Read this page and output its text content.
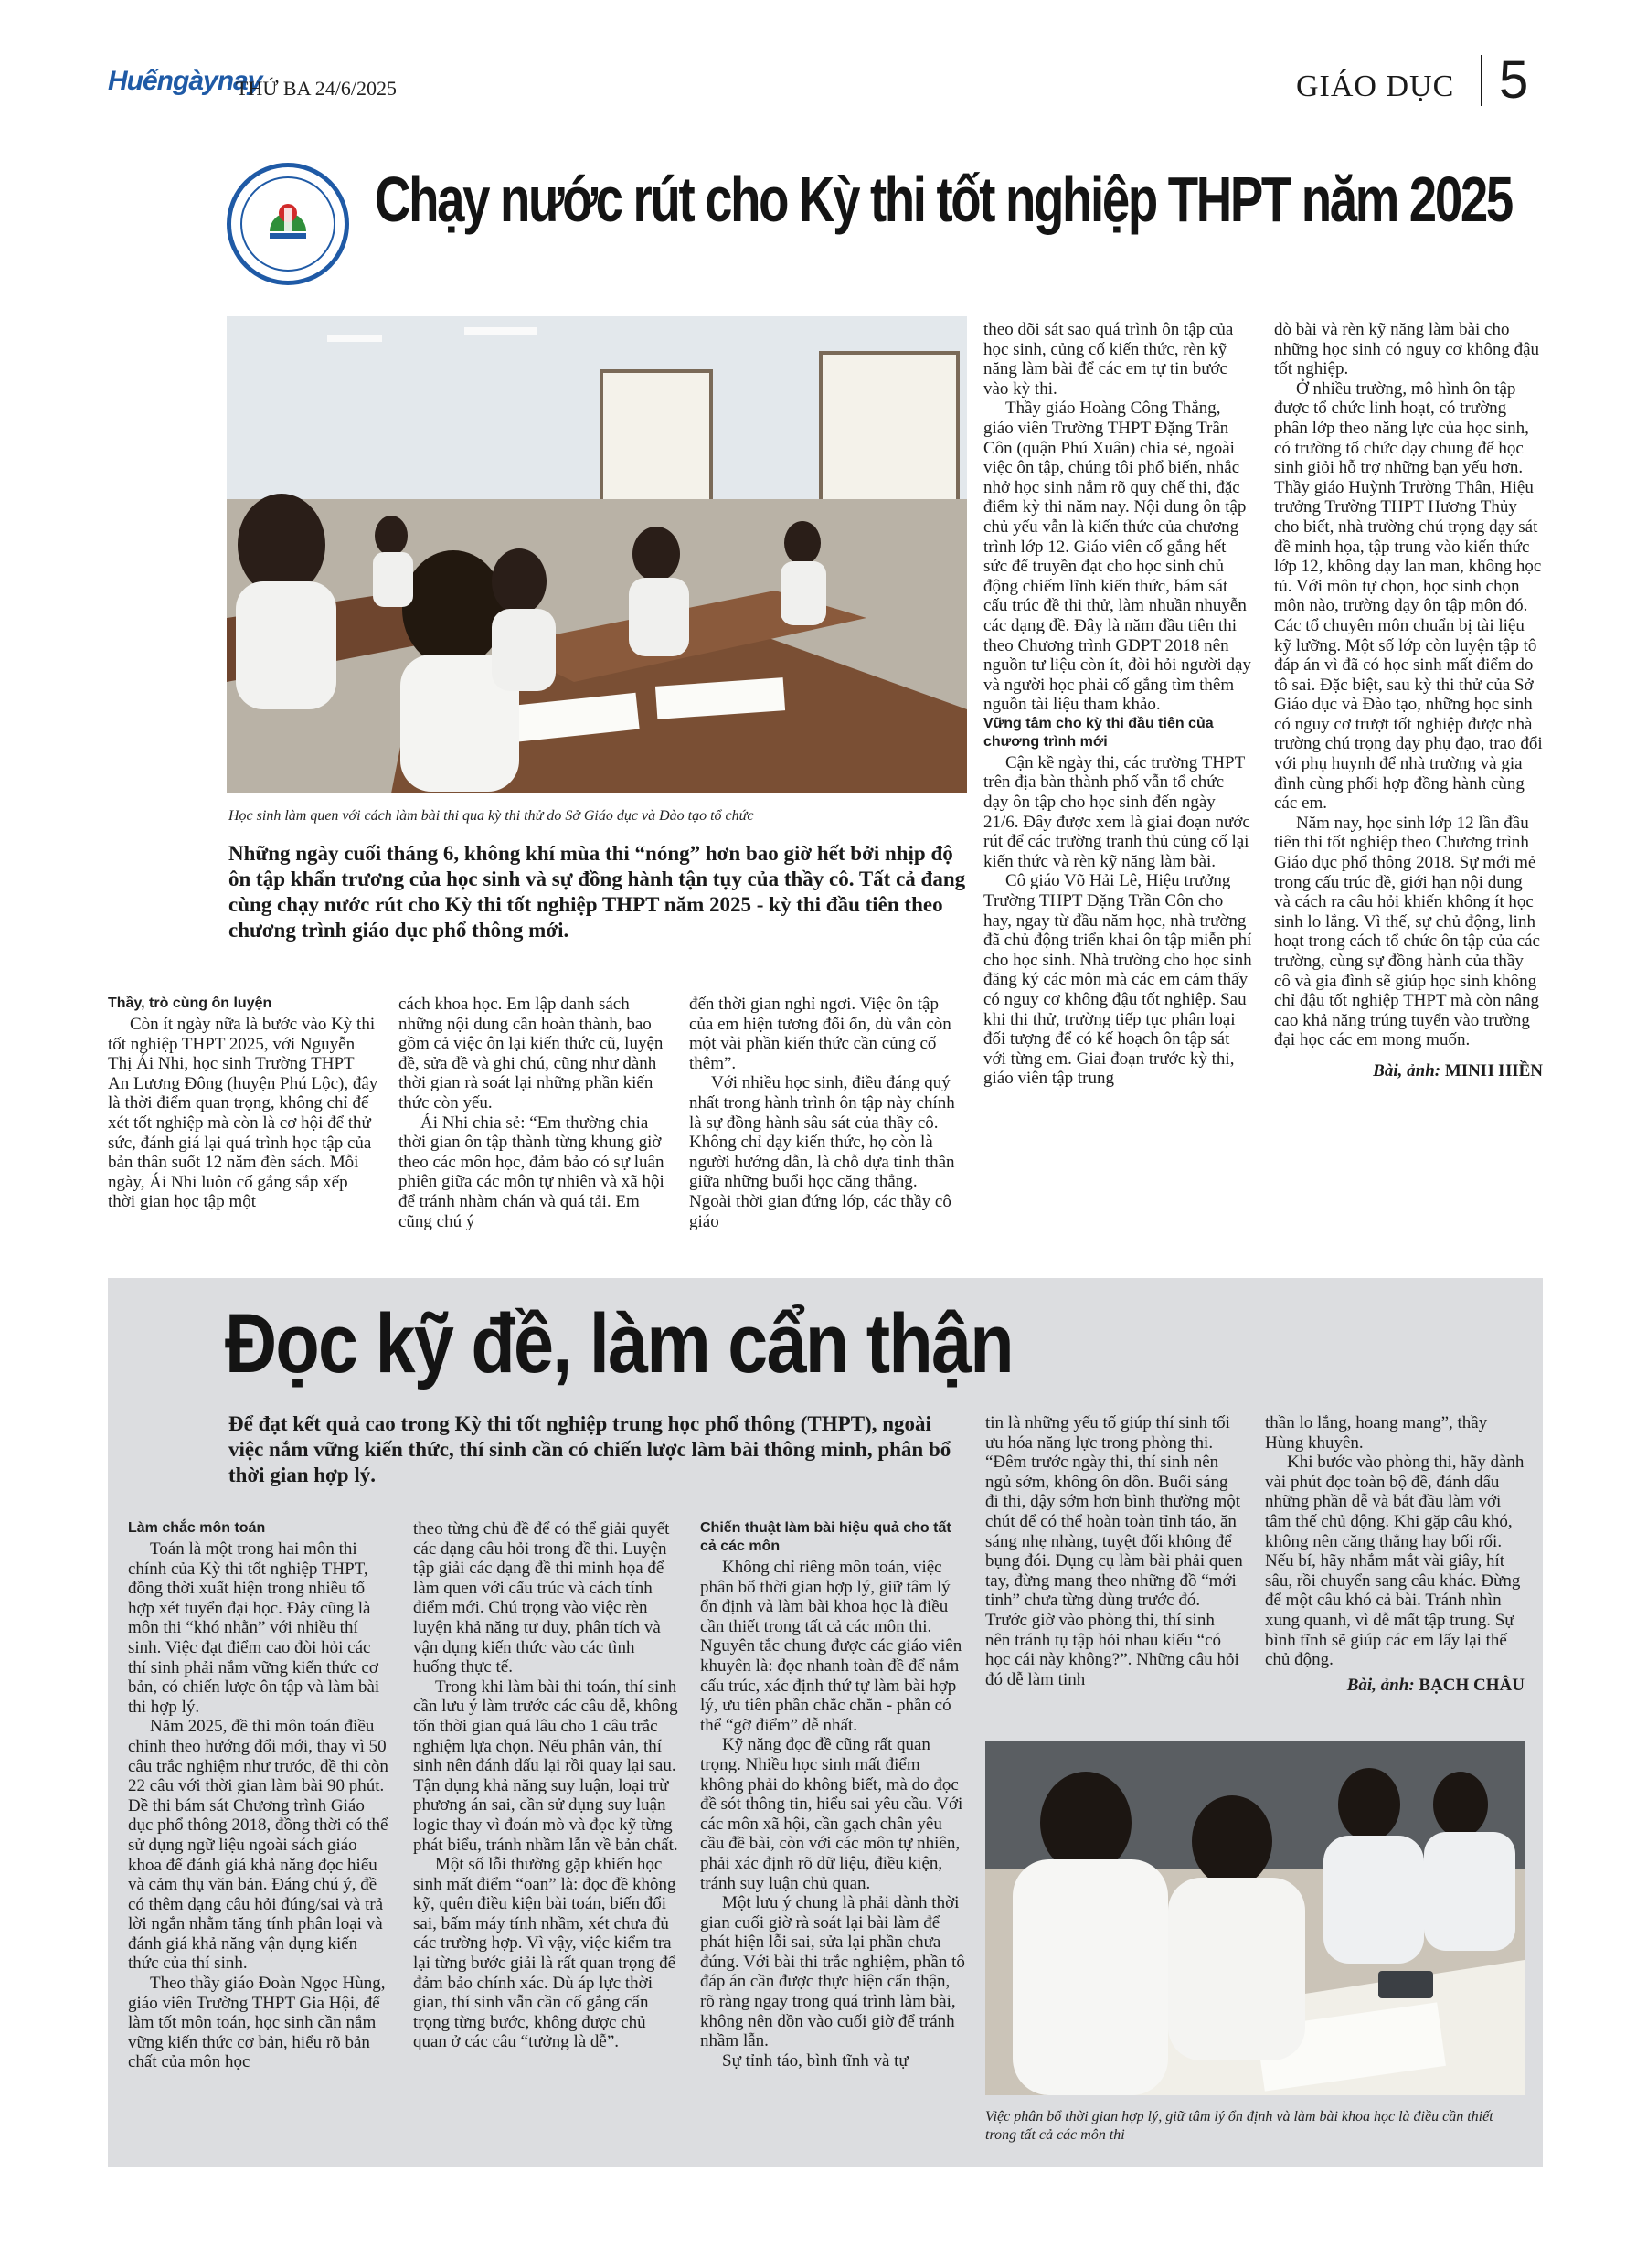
Huếngàynay
THỨ BA 24/6/2025	GIÁO DỤC 5
Chạy nước rút cho Kỳ thi tốt nghiệp THPT năm 2025
Học sinh làm quen với cách làm bài thi qua kỳ thi thử do Sở Giáo dục và Đào tạo tổ chức
Những ngày cuối tháng 6, không khí mùa thi “nóng” hơn bao giờ hết bởi nhịp độ ôn tập khẩn trương của học sinh và sự đồng hành tận tụy của thầy cô. Tất cả đang cùng chạy nước rút cho Kỳ thi tốt nghiệp THPT năm 2025 - kỳ thi đầu tiên theo chương trình giáo dục phổ thông mới.
Thầy, trò cùng ôn luyện

Còn ít ngày nữa là bước vào Kỳ thi tốt nghiệp THPT 2025, với Nguyễn Thị Ái Nhi, học sinh Trường THPT An Lương Đông (huyện Phú Lộc), đây là thời điểm quan trọng, không chỉ để xét tốt nghiệp mà còn là cơ hội để thử sức, đánh giá lại quá trình học tập của bản thân suốt 12 năm đèn sách. Mỗi ngày, Ái Nhi luôn cố gắng sắp xếp thời gian học tập một

cách khoa học. Em lập danh sách những nội dung cần hoàn thành, bao gồm cả việc ôn lại kiến thức cũ, luyện đề, sửa đề và ghi chú, cũng như dành thời gian rà soát lại những phần kiến thức còn yếu.

Ái Nhi chia sẻ: “Em thường chia thời gian ôn tập thành từng khung giờ theo các môn học, đảm bảo có sự luân phiên giữa các môn tự nhiên và xã hội để tránh nhàm chán và quá tải. Em cũng chú ý

đến thời gian nghỉ ngơi. Việc ôn tập của em hiện tương đối ổn, dù vẫn còn một vài phần kiến thức cần củng cố thêm”.

Với nhiều học sinh, điều đáng quý nhất trong hành trình ôn tập này chính là sự đồng hành sâu sát của thầy cô. Không chỉ dạy kiến thức, họ còn là người hướng dẫn, là chỗ dựa tinh thần giữa những buổi học căng thẳng. Ngoài thời gian đứng lớp, các thầy cô giáo

theo dõi sát sao quá trình ôn tập của học sinh, củng cố kiến thức, rèn kỹ năng làm bài để các em tự tin bước vào kỳ thi.

Thầy giáo Hoàng Công Thắng, giáo viên Trường THPT Đặng Trần Côn (quận Phú Xuân) chia sẻ, ngoài việc ôn tập, chúng tôi phổ biến, nhắc nhở học sinh nắm rõ quy chế thi, đặc điểm kỳ thi năm nay. Nội dung ôn tập chủ yếu vẫn là kiến thức của chương trình lớp 12. Giáo viên cố gắng hết sức để truyền đạt cho học sinh chủ động chiếm lĩnh kiến thức, bám sát cấu trúc đề thi thử, làm nhuần nhuyễn các dạng đề. Đây là năm đầu tiên thi theo Chương trình GDPT 2018 nên nguồn tư liệu còn ít, đòi hỏi người dạy và người học phải cố gắng tìm thêm nguồn tài liệu tham khảo.

Vững tâm cho kỳ thi đầu tiên của chương trình mới

Cận kề ngày thi, các trường THPT trên địa bàn thành phố vẫn tổ chức dạy ôn tập cho học sinh đến ngày 21/6. Đây được xem là giai đoạn nước rút để các trường tranh thủ củng cố lại kiến thức và rèn kỹ năng làm bài.

Cô giáo Võ Hải Lê, Hiệu trưởng Trường THPT Đặng Trần Côn cho hay, ngay từ đầu năm học, nhà trường đã chủ động triển khai ôn tập miễn phí cho học sinh. Nhà trường cho học sinh đăng ký các môn mà các em cảm thấy có nguy cơ không đậu tốt nghiệp. Sau khi thi thử, trường tiếp tục phân loại đối tượng để có kế hoạch ôn tập sát với từng em. Giai đoạn trước kỳ thi, giáo viên tập trung

dò bài và rèn kỹ năng làm bài cho những học sinh có nguy cơ không đậu tốt nghiệp.

Ở nhiều trường, mô hình ôn tập được tổ chức linh hoạt, có trường phân lớp theo năng lực của học sinh, có trường tổ chức dạy chung để học sinh giỏi hỗ trợ những bạn yếu hơn. Thầy giáo Huỳnh Trường Thân, Hiệu trưởng Trường THPT Hương Thủy cho biết, nhà trường chú trọng dạy sát đề minh họa, tập trung vào kiến thức lớp 12, không dạy lan man, không học tủ. Với môn tự chọn, học sinh chọn môn nào, trường dạy ôn tập môn đó. Các tổ chuyên môn chuẩn bị tài liệu kỹ lưỡng. Một số lớp còn luyện tập tô đáp án vì đã có học sinh mất điểm do tô sai. Đặc biệt, sau kỳ thi thử của Sở Giáo dục và Đào tạo, những học sinh có nguy cơ trượt tốt nghiệp được nhà trường chú trọng dạy phụ đạo, trao đổi với phụ huynh để nhà trường và gia đình cùng phối hợp đồng hành cùng các em.

Năm nay, học sinh lớp 12 lần đầu tiên thi tốt nghiệp theo Chương trình Giáo dục phổ thông 2018. Sự mới mẻ trong cấu trúc đề, giới hạn nội dung và cách ra câu hỏi khiến không ít học sinh lo lắng. Vì thế, sự chủ động, linh hoạt trong cách tổ chức ôn tập của các trường, cùng sự đồng hành của thầy cô và gia đình sẽ giúp học sinh không chỉ đậu tốt nghiệp THPT mà còn nâng cao khả năng trúng tuyển vào trường đại học các em mong muốn.

Bài, ảnh: MINH HIỀN
Đọc kỹ đề, làm cẩn thận
Để đạt kết quả cao trong Kỳ thi tốt nghiệp trung học phổ thông (THPT), ngoài việc nắm vững kiến thức, thí sinh cần có chiến lược làm bài thông minh, phân bổ thời gian hợp lý.
Làm chắc môn toán

Toán là một trong hai môn thi chính của Kỳ thi tốt nghiệp THPT, đồng thời xuất hiện trong nhiều tổ hợp xét tuyển đại học. Đây cũng là môn thi “khó nhằn” với nhiều thí sinh. Việc đạt điểm cao đòi hỏi các thí sinh phải nắm vững kiến thức cơ bản, có chiến lược ôn tập và làm bài thi hợp lý.

Năm 2025, đề thi môn toán điều chỉnh theo hướng đổi mới, thay vì 50 câu trắc nghiệm như trước, đề thi còn 22 câu với thời gian làm bài 90 phút. Đề thi bám sát Chương trình Giáo dục phổ thông 2018, đồng thời có thể sử dụng ngữ liệu ngoài sách giáo khoa để đánh giá khả năng đọc hiểu và cảm thụ văn bản. Đáng chú ý, đề có thêm dạng câu hỏi đúng/sai và trả lời ngắn nhằm tăng tính phân loại và đánh giá khả năng vận dụng kiến thức của thí sinh.

Theo thầy giáo Đoàn Ngọc Hùng, giáo viên Trường THPT Gia Hội, để làm tốt môn toán, học sinh cần nắm vững kiến thức cơ bản, hiểu rõ bản chất của môn học

theo từng chủ đề để có thể giải quyết các dạng câu hỏi trong đề thi. Luyện tập giải các dạng đề thi minh họa để làm quen với cấu trúc và cách tính điểm mới. Chú trọng vào việc rèn luyện khả năng tư duy, phân tích và vận dụng kiến thức vào các tình huống thực tế.

Trong khi làm bài thi toán, thí sinh cần lưu ý làm trước các câu dễ, không tốn thời gian quá lâu cho 1 câu trắc nghiệm lựa chọn. Nếu phân vân, thí sinh nên đánh dấu lại rồi quay lại sau. Tận dụng khả năng suy luận, loại trừ phương án sai, cần sử dụng suy luận logic thay vì đoán mò và đọc kỹ từng phát biểu, tránh nhầm lẫn về bản chất.

Một số lỗi thường gặp khiến học sinh mất điểm “oan” là: đọc đề không kỹ, quên điều kiện bài toán, biến đổi sai, bấm máy tính nhầm, xét chưa đủ các trường hợp. Vì vậy, việc kiểm tra lại từng bước giải là rất quan trọng để đảm bảo chính xác. Dù áp lực thời gian, thí sinh vẫn cần cố gắng cẩn trọng từng bước, không được chủ quan ở các câu “tưởng là dễ”.

Chiến thuật làm bài hiệu quả cho tất cả các môn

Không chỉ riêng môn toán, việc phân bổ thời gian hợp lý, giữ tâm lý ổn định và làm bài khoa học là điều cần thiết trong tất cả các môn thi. Nguyên tắc chung được các giáo viên khuyên là: đọc nhanh toàn đề để nắm cấu trúc, xác định thứ tự làm bài hợp lý, ưu tiên phần chắc chắn - phần có thể “gỡ điểm” dễ nhất.

Kỹ năng đọc đề cũng rất quan trọng. Nhiều học sinh mất điểm không phải do không biết, mà do đọc đề sót thông tin, hiểu sai yêu cầu. Với các môn xã hội, cần gạch chân yêu cầu đề bài, còn với các môn tự nhiên, phải xác định rõ dữ liệu, điều kiện, tránh suy luận chủ quan.

Một lưu ý chung là phải dành thời gian cuối giờ rà soát lại bài làm để phát hiện lỗi sai, sửa lại phần chưa đúng. Với bài thi trắc nghiệm, phần tô đáp án cần được thực hiện cẩn thận, rõ ràng ngay trong quá trình làm bài, không nên dồn vào cuối giờ để tránh nhầm lẫn.

Sự tỉnh táo, bình tĩnh và tự

tin là những yếu tố giúp thí sinh tối ưu hóa năng lực trong phòng thi. “Đêm trước ngày thi, thí sinh nên ngủ sớm, không ôn dồn. Buổi sáng đi thi, dậy sớm hơn bình thường một chút để có thể hoàn toàn tỉnh táo, ăn sáng nhẹ nhàng, tuyệt đối không để bụng đói. Dụng cụ làm bài phải quen tay, đừng mang theo những đồ “mới tinh” chưa từng dùng trước đó. Trước giờ vào phòng thi, thí sinh nên tránh tụ tập hỏi nhau kiểu “có học cái này không?”. Những câu hỏi đó dễ làm tinh

thần lo lắng, hoang mang”, thầy Hùng khuyên.

Khi bước vào phòng thi, hãy dành vài phút đọc toàn bộ đề, đánh dấu những phần dễ và bắt đầu làm với tâm thế chủ động. Khi gặp câu khó, không nên căng thẳng hay bối rối. Nếu bí, hãy nhắm mắt vài giây, hít sâu, rồi chuyển sang câu khác. Đừng để một câu khó cả bài. Tránh nhìn xung quanh, vì dễ mất tập trung. Sự bình tĩnh sẽ giúp các em lấy lại thế chủ động.

Bài, ảnh: BẠCH CHÂU
Việc phân bổ thời gian hợp lý, giữ tâm lý ổn định và làm bài khoa học là điều cần thiết trong tất cả các môn thi
